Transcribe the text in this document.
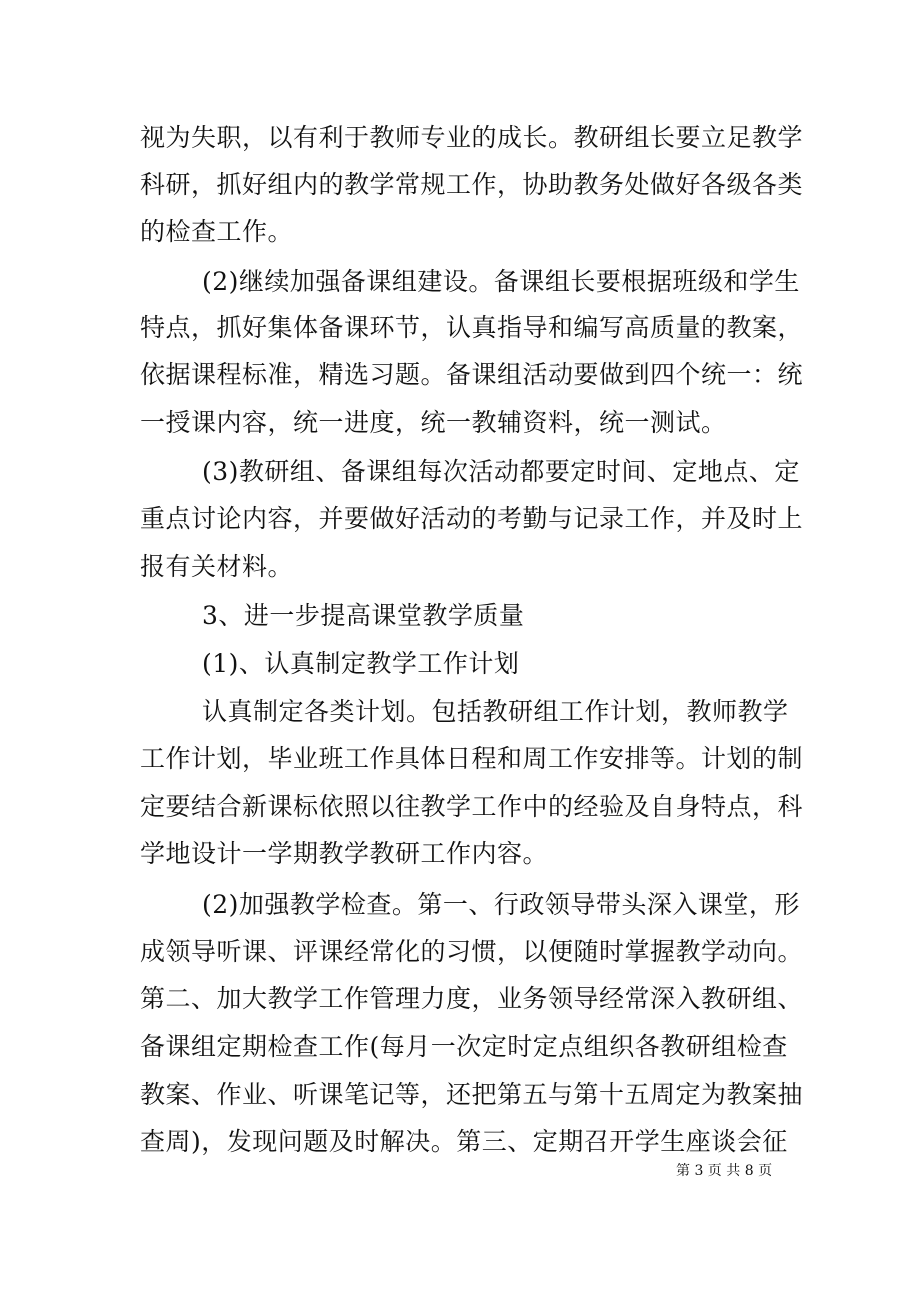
视为失职，以有利于教师专业的成长。教研组长要立足教学
科研，抓好组内的教学常规工作，协助教务处做好各级各类
的检查工作。
(2)继续加强备课组建设。备课组长要根据班级和学生
特点，抓好集体备课环节，认真指导和编写高质量的教案，
依据课程标准，精选习题。备课组活动要做到四个统一：统
一授课内容，统一进度，统一教辅资料，统一测试。
(3)教研组、备课组每次活动都要定时间、定地点、定
重点讨论内容，并要做好活动的考勤与记录工作，并及时上
报有关材料。
3、进一步提高课堂教学质量
(1)、认真制定教学工作计划
认真制定各类计划。包括教研组工作计划，教师教学
工作计划，毕业班工作具体日程和周工作安排等。计划的制
定要结合新课标依照以往教学工作中的经验及自身特点，科
学地设计一学期教学教研工作内容。
(2)加强教学检查。第一、行政领导带头深入课堂，形
成领导听课、评课经常化的习惯，以便随时掌握教学动向。
第二、加大教学工作管理力度，业务领导经常深入教研组、
备课组定期检查工作(每月一次定时定点组织各教研组检查
教案、作业、听课笔记等，还把第五与第十五周定为教案抽
查周)，发现问题及时解决。第三、定期召开学生座谈会征
第 3 页 共 8 页
